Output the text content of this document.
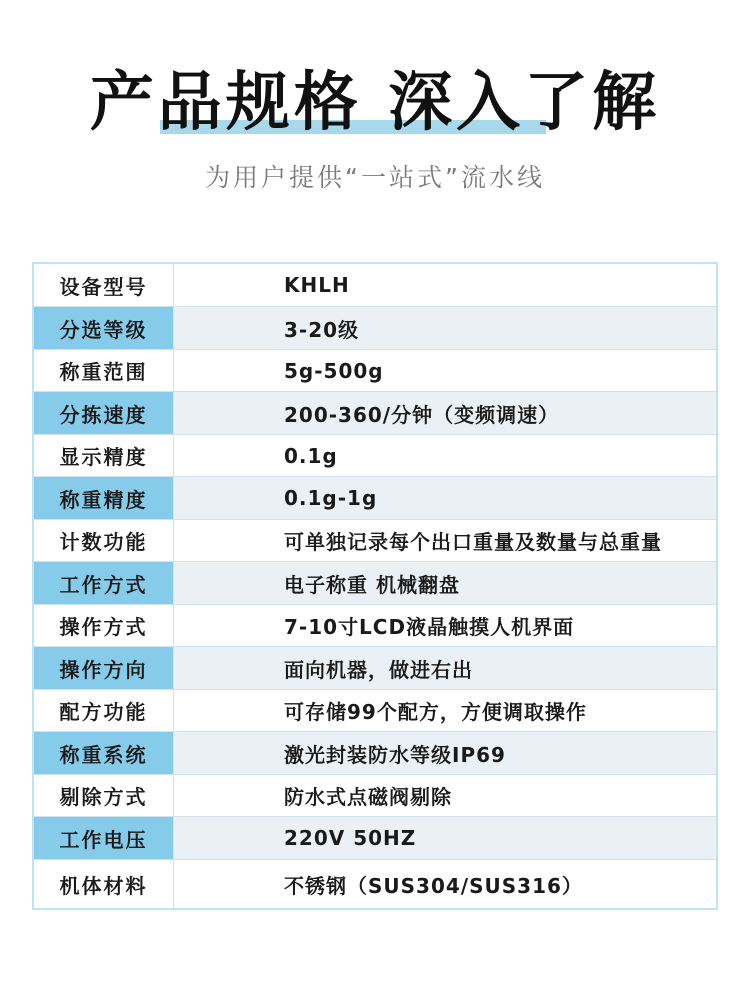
产品规格 深入了解
为用户提供“一站式”流水线
设备型号	KHLH
分选等级	3-20级
称重范围	5g-500g
分拣速度	200-360/分钟（变频调速）
显示精度	0.1g
称重精度	0.1g-1g
计数功能	可单独记录每个出口重量及数量与总重量
工作方式	电子称重 机械翻盘
操作方式	7-10寸LCD液晶触摸人机界面
操作方向	面向机器，做进右出
配方功能	可存储99个配方，方便调取操作
称重系统	激光封装防水等级IP69
剔除方式	防水式点磁阀剔除
工作电压	220V 50HZ
机体材料	不锈钢（SUS304/SUS316）
